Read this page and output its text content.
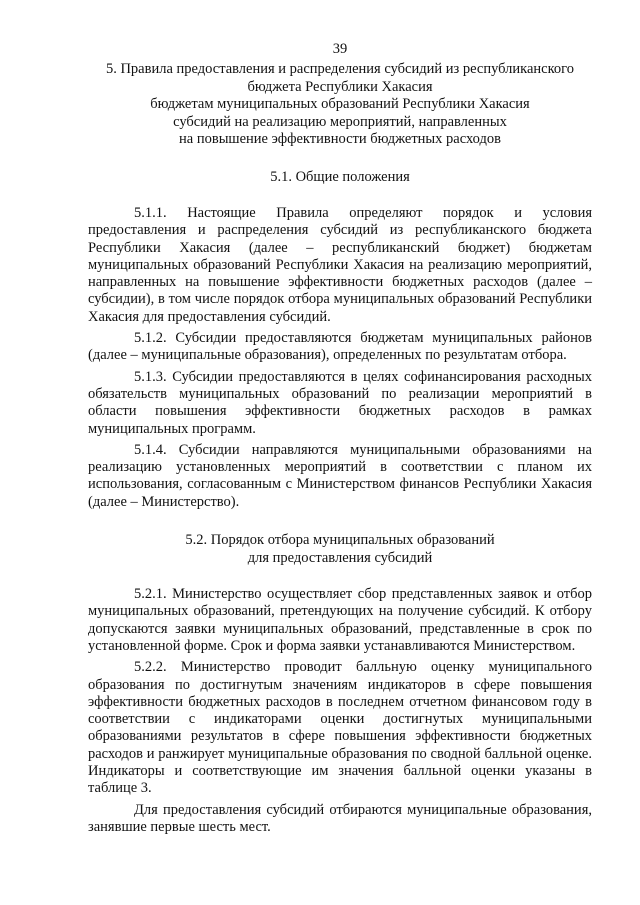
39
5. Правила предоставления и распределения субсидий из республиканского
бюджета Республики Хакасия
бюджетам муниципальных образований Республики Хакасия
субсидий на реализацию мероприятий, направленных
на повышение эффективности бюджетных расходов
5.1. Общие положения

5.1.1. Настоящие Правила определяют порядок и условия предоставления и распределения субсидий из республиканского бюджета Республики Хакасия (далее – республиканский бюджет) бюджетам муниципальных образований Республики Хакасия на реализацию мероприятий, направленных на повышение эффективности бюджетных расходов (далее – субсидии), в том числе порядок отбора муниципальных образований Республики Хакасия для предоставления субсидий.

5.1.2. Субсидии предоставляются бюджетам муниципальных районов (далее – муниципальные образования), определенных по результатам отбора.

5.1.3. Субсидии предоставляются в целях софинансирования расходных обязательств муниципальных образований по реализации мероприятий в области повышения эффективности бюджетных расходов в рамках муниципальных программ.

5.1.4. Субсидии направляются муниципальными образованиями на реализацию установленных мероприятий в соответствии с планом их использования, согласованным с Министерством финансов Республики Хакасия (далее – Министерство).

5.2. Порядок отбора муниципальных образований
для предоставления субсидий

5.2.1. Министерство осуществляет сбор представленных заявок и отбор муниципальных образований, претендующих на получение субсидий. К отбору допускаются заявки муниципальных образований, представленные в срок по установленной форме. Срок и форма заявки устанавливаются Министерством.

5.2.2. Министерство проводит балльную оценку муниципального образования по достигнутым значениям индикаторов в сфере повышения эффективности бюджетных расходов в последнем отчетном финансовом году в соответствии с индикаторами оценки достигнутых муниципальными образованиями результатов в сфере повышения эффективности бюджетных расходов и ранжирует муниципальные образования по сводной балльной оценке. Индикаторы и соответствующие им значения балльной оценки указаны в таблице 3.

Для предоставления субсидий отбираются муниципальные образования, занявшие первые шесть мест.
